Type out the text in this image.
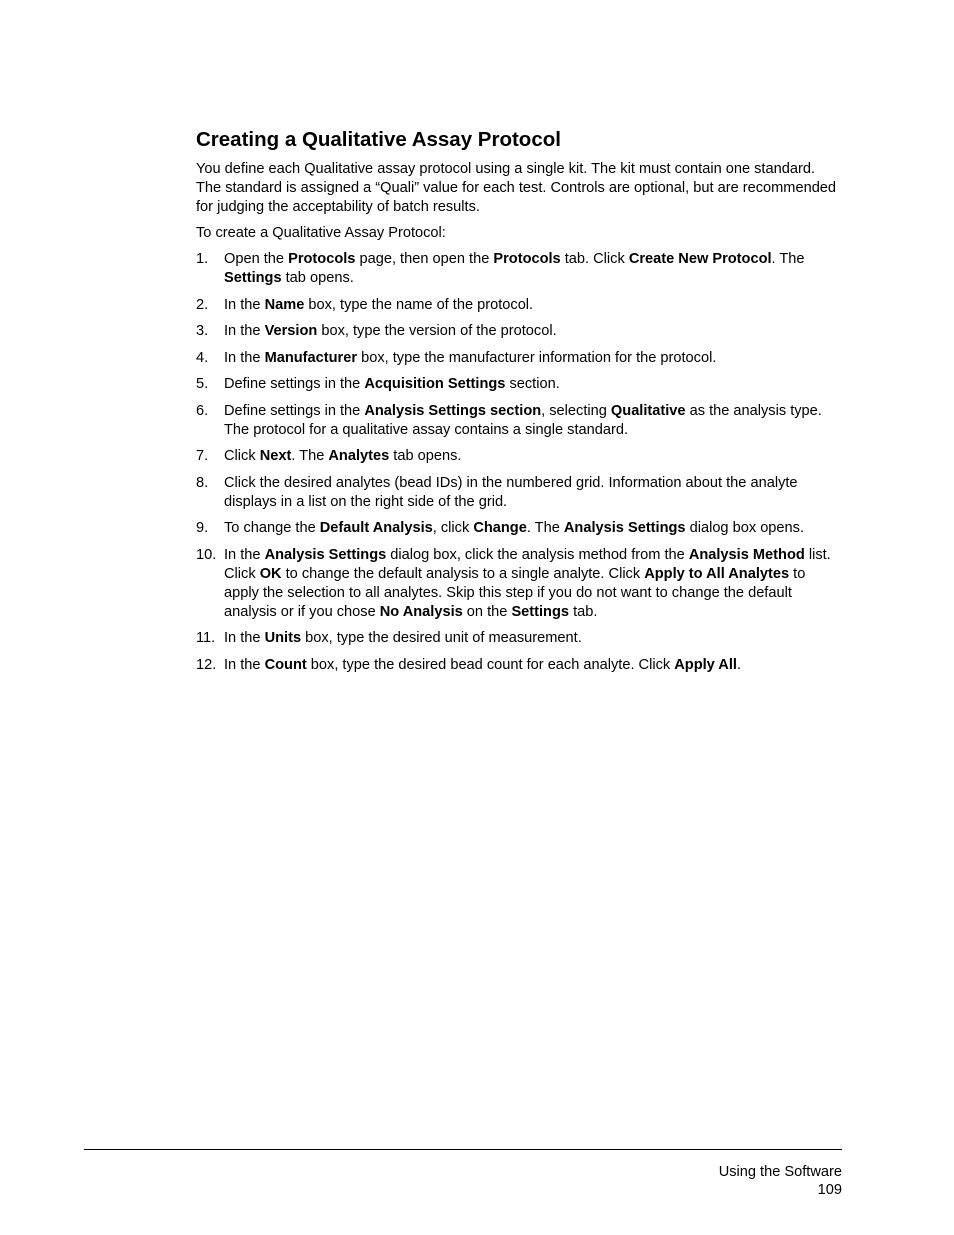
Creating a Qualitative Assay Protocol

You define each Qualitative assay protocol using a single kit. The kit must contain one standard. The standard is assigned a “Quali” value for each test. Controls are optional, but are recommended for judging the acceptability of batch results.

To create a Qualitative Assay Protocol:

1. Open the Protocols page, then open the Protocols tab. Click Create New Protocol. The Settings tab opens.
2. In the Name box, type the name of the protocol.
3. In the Version box, type the version of the protocol.
4. In the Manufacturer box, type the manufacturer information for the protocol.
5. Define settings in the Acquisition Settings section.
6. Define settings in the Analysis Settings section, selecting Qualitative as the analysis type. The protocol for a qualitative assay contains a single standard.
7. Click Next. The Analytes tab opens.
8. Click the desired analytes (bead IDs) in the numbered grid. Information about the analyte displays in a list on the right side of the grid.
9. To change the Default Analysis, click Change. The Analysis Settings dialog box opens.
10. In the Analysis Settings dialog box, click the analysis method from the Analysis Method list. Click OK to change the default analysis to a single analyte. Click Apply to All Analytes to apply the selection to all analytes. Skip this step if you do not want to change the default analysis or if you chose No Analysis on the Settings tab.
11. In the Units box, type the desired unit of measurement.
12. In the Count box, type the desired bead count for each analyte. Click Apply All.
Using the Software
109
